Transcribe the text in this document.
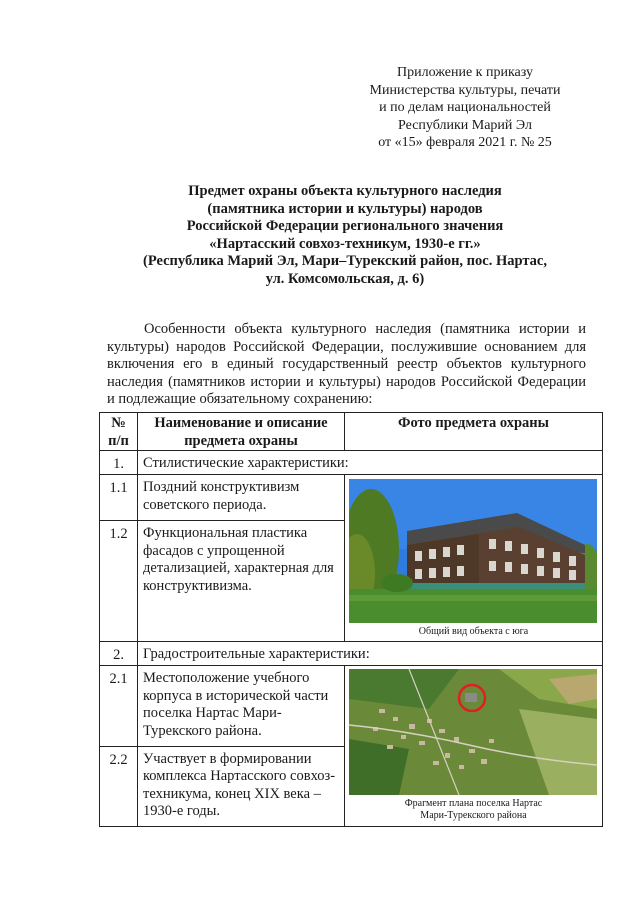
Приложение к приказу
Министерства культуры, печати
и по делам национальностей
Республики Марий Эл
от «15» февраля 2021 г. № 25
Предмет охраны объекта культурного наследия
(памятника истории и культуры) народов
Российской Федерации регионального значения
«Нартасский совхоз-техникум, 1930-е гг.»
(Республика Марий Эл, Мари–Турекский район, пос. Нартас,
ул. Комсомольская, д. 6)

Особенности объекта культурного наследия (памятника истории и культуры) народов Российской Федерации, послужившие основанием для включения его в единый государственный реестр объектов культурного наследия (памятников истории и культуры) народов Российской Федерации и подлежащие обязательному сохранению:

№ п/п	Наименование и описание предмета охраны	Фото предмета охраны
1.	Стилистические характеристики:	
1.1	Поздний конструктивизм советского периода.	Общий вид объекта с юга

1.2	Функциональная пластика фасадов с упрощенной детализацией, характерная для конструктивизма.	
2.	Градостроительные характеристики:	
2.1	Местоположение учебного корпуса в исторической части поселка Нартас Мари-Турекского района.	Фрагмент плана поселка Нартас
Мари-Турекского района

2.2	Участвует в формировании комплекса Нартасского совхоз-техникума, конец XIX века – 1930-е годы.	
